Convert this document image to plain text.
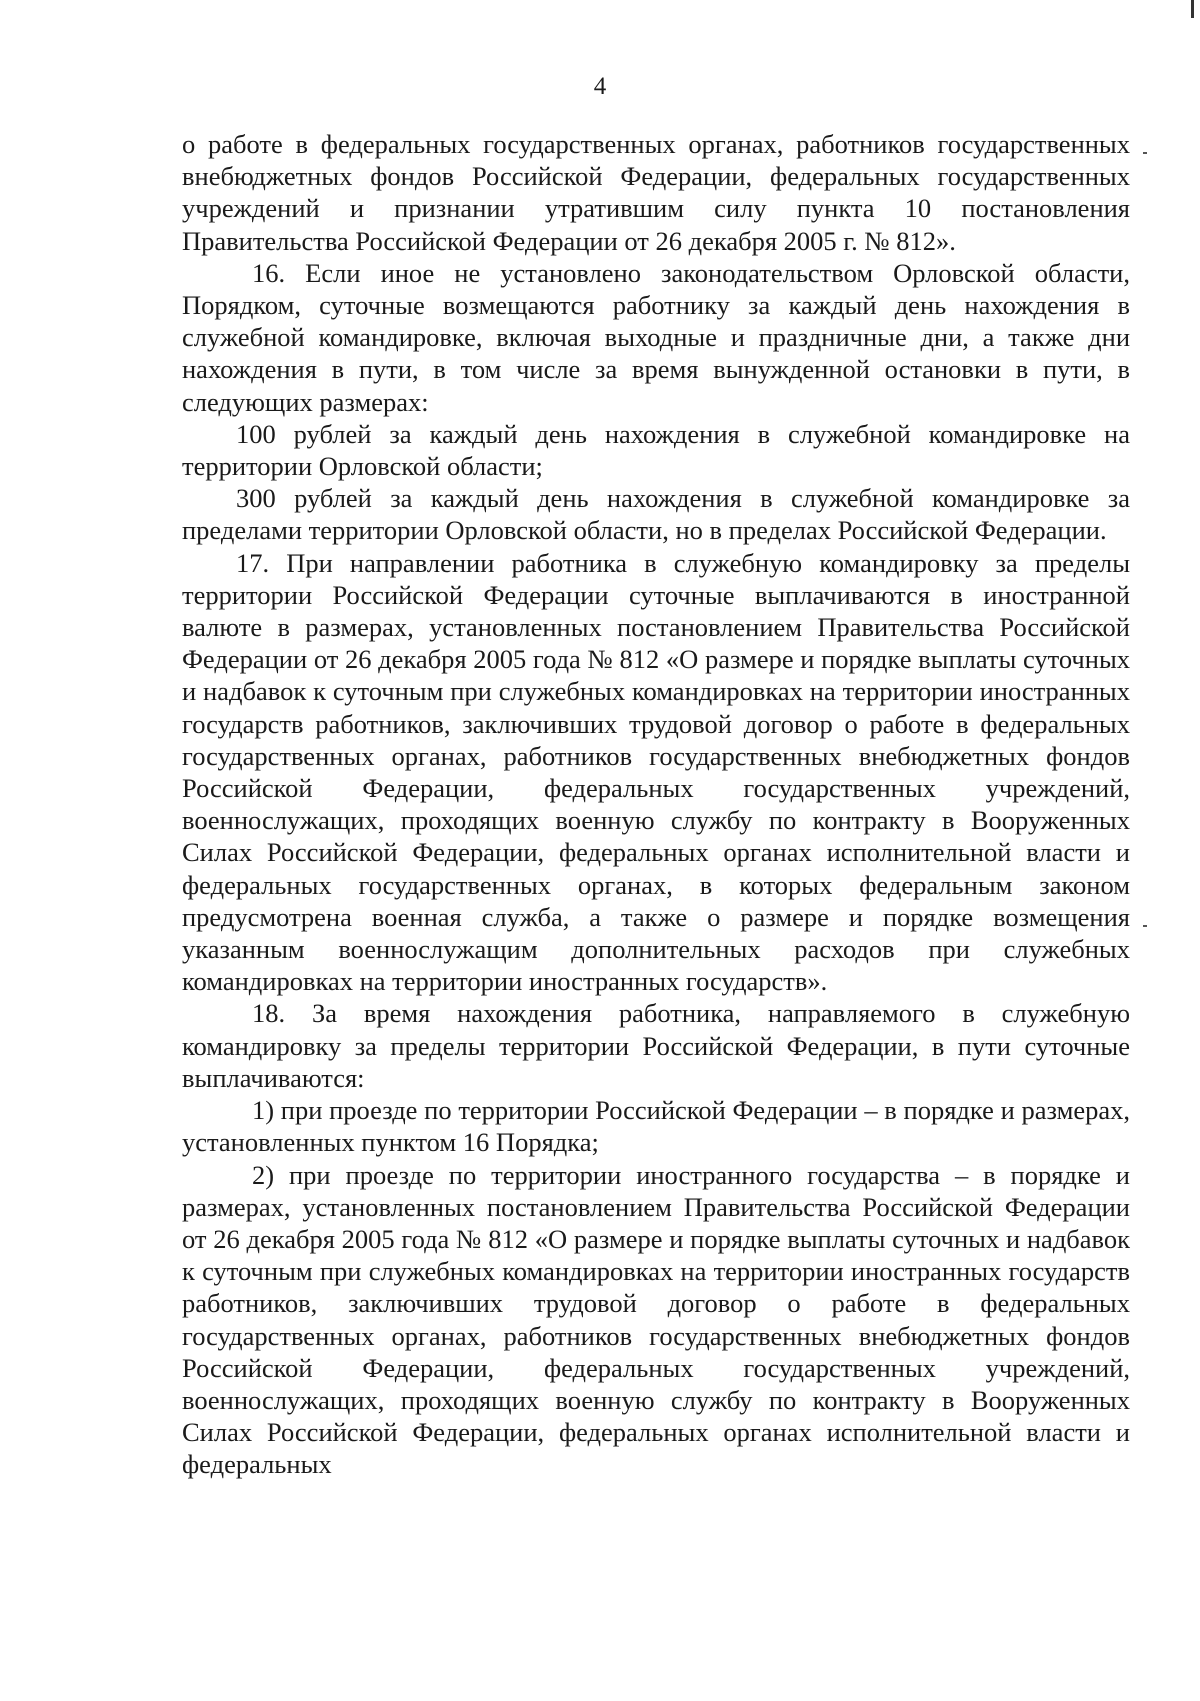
4

о работе в федеральных государственных органах, работников государственных внебюджетных фондов Российской Федерации, федеральных государственных учреждений и признании утратившим силу пункта 10 постановления Правительства Российской Федерации от 26 декабря 2005 г. № 812».

16. Если иное не установлено законодательством Орловской области, Порядком, суточные возмещаются работнику за каждый день нахождения в служебной командировке, включая выходные и праздничные дни, а также дни нахождения в пути, в том числе за время вынужденной остановки в пути, в следующих размерах:

100 рублей за каждый день нахождения в служебной командировке на территории Орловской области;

300 рублей за каждый день нахождения в служебной командировке за пределами территории Орловской области, но в пределах Российской Федерации.

17. При направлении работника в служебную командировку за пределы территории Российской Федерации суточные выплачиваются в иностранной валюте в размерах, установленных постановлением Правительства Российской Федерации от 26 декабря 2005 года № 812 «О размере и порядке выплаты суточных и надбавок к суточным при служебных командировках на территории иностранных государств работников, заключивших трудовой договор о работе в федеральных государственных органах, работников государственных внебюджетных фондов Российской Федерации, федеральных государственных учреждений, военнослужащих, проходящих военную службу по контракту в Вооруженных Силах Российской Федерации, федеральных органах исполнительной власти и федеральных государственных органах, в которых федеральным законом предусмотрена военная служба, а также о размере и порядке возмещения указанным военнослужащим дополнительных расходов при служебных командировках на территории иностранных государств».

18. За время нахождения работника, направляемого в служебную командировку за пределы территории Российской Федерации, в пути суточные выплачиваются:

1) при проезде по территории Российской Федерации – в порядке и размерах, установленных пунктом 16 Порядка;

2) при проезде по территории иностранного государства – в порядке и размерах, установленных постановлением Правительства Российской Федерации от 26 декабря 2005 года № 812 «О размере и порядке выплаты суточных и надбавок к суточным при служебных командировках на территории иностранных государств работников, заключивших трудовой договор о работе в федеральных государственных органах, работников государственных внебюджетных фондов Российской Федерации, федеральных государственных учреждений, военнослужащих, проходящих военную службу по контракту в Вооруженных Силах Российской Федерации, федеральных органах исполнительной власти и федеральных
